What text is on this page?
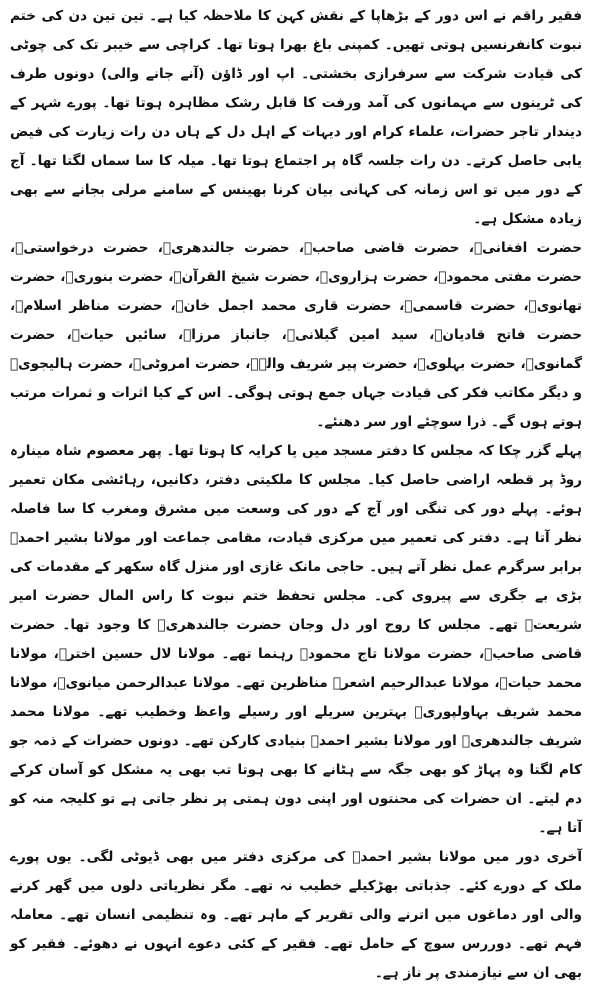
فقیر راقم نے اس دور کے بڑھاپا کے نقش کہن کا ملاحظہ کیا ہے۔ تین تین دن کی ختم نبوت کانفرنسیں ہوتی تھیں۔ کمپنی باغ بھرا ہوتا تھا۔ کراچی سے خیبر تک کی چوٹی کی قیادت شرکت سے سرفرازی بخشتی۔ اپ اور ڈاؤن (آنے جانے والی) دونوں طرف کی ٹرینوں سے مہمانوں کی آمد ورفت کا قابل رشک مظاہرہ ہوتا تھا۔ پورے شہر کے دیندار تاجر حضرات، علماء کرام اور دیہات کے اہل دل کے ہاں دن رات زیارت کی فیض یابی حاصل کرتے۔ دن رات جلسہ گاہ پر اجتماع ہوتا تھا۔ میلہ کا سا سماں لگتا تھا۔ آج کے دور میں تو اس زمانہ کی کہانی بیان کرنا بھینس کے سامنے مرلی بجانے سے بھی زیادہ مشکل ہے۔

حضرت افغانیؒ، حضرت قاضی صاحبؒ، حضرت جالندھریؒ، حضرت درخواستیؒ، حضرت مفتی محمودؒ، حضرت ہزارویؒ، حضرت شیخ القرآنؒ، حضرت بنوریؒ، حضرت تھانویؒ، حضرت قاسمیؒ، حضرت قاری محمد اجمل خانؒ، حضرت مناظر اسلامؒ، حضرت فاتح قادیانؒ، سید امین گیلانیؒ، جانباز مرزاؒ، سائیں حیاتؒ، حضرت گمانویؒ، حضرت بہلویؒ، حضرت پیر شریف والےؒ، حضرت امروٹیؒ، حضرت ہالیجویؒ و دیگر مکاتب فکر کی قیادت جہاں جمع ہوتی ہوگی۔ اس کے کیا اثرات و ثمرات مرتب ہوتے ہوں گے۔ ذرا سوچئے اور سر دھنئے۔

پہلے گزر چکا کہ مجلس کا دفتر مسجد میں یا کرایہ کا ہوتا تھا۔ پھر معصوم شاہ مینارہ روڈ پر قطعہ اراضی حاصل کیا۔ مجلس کا ملکیتی دفتر، دکانیں، رہائشی مکان تعمیر ہوئے۔ پہلے دور کی تنگی اور آج کے دور کی وسعت میں مشرق ومغرب کا سا فاصلہ نظر آتا ہے۔ دفتر کی تعمیر میں مرکزی قیادت، مقامی جماعت اور مولانا بشیر احمدؒ برابر سرگرم عمل نظر آتے ہیں۔ حاجی مانک غازی اور منزل گاہ سکھر کے مقدمات کی بڑی بے جگری سے پیروی کی۔ مجلس تحفظ ختم نبوت کا راس المال حضرت امیر شریعتؒ تھے۔ مجلس کا روح اور دل وجان حضرت جالندھریؒ کا وجود تھا۔ حضرت قاضی صاحبؒ، حضرت مولانا تاج محمودؒ رہنما تھے۔ مولانا لال حسین اخترؒ، مولانا محمد حیاتؒ، مولانا عبدالرحیم اشعرؒ مناظرین تھے۔ مولانا عبدالرحمن میانویؒ، مولانا محمد شریف بہاولپوریؒ بہترین سریلے اور رسیلے واعظ وخطیب تھے۔ مولانا محمد شریف جالندھریؒ اور مولانا بشیر احمدؒ بنیادی کارکن تھے۔ دونوں حضرات کے ذمہ جو کام لگتا وہ پہاڑ کو بھی جگہ سے ہٹانے کا بھی ہوتا تب بھی یہ مشکل کو آسان کرکے دم لیتے۔ ان حضرات کی محنتوں اور اپنی دون ہمتی پر نظر جاتی ہے تو کلیجہ منہ کو آتا ہے۔

آخری دور میں مولانا بشیر احمدؒ کی مرکزی دفتر میں بھی ڈیوٹی لگی۔ یوں پورے ملک کے دورے کئے۔ جذباتی بھڑکیلے خطیب نہ تھے۔ مگر نظریاتی دلوں میں گھر کرنے والی اور دماغوں میں اترنے والی تقریر کے ماہر تھے۔ وہ تنظیمی انسان تھے۔ معاملہ فہم تھے۔ دوررس سوچ کے حامل تھے۔ فقیر کے کئی دعوے انہوں نے دھوئے۔ فقیر کو بھی ان سے نیازمندی پر ناز ہے۔
